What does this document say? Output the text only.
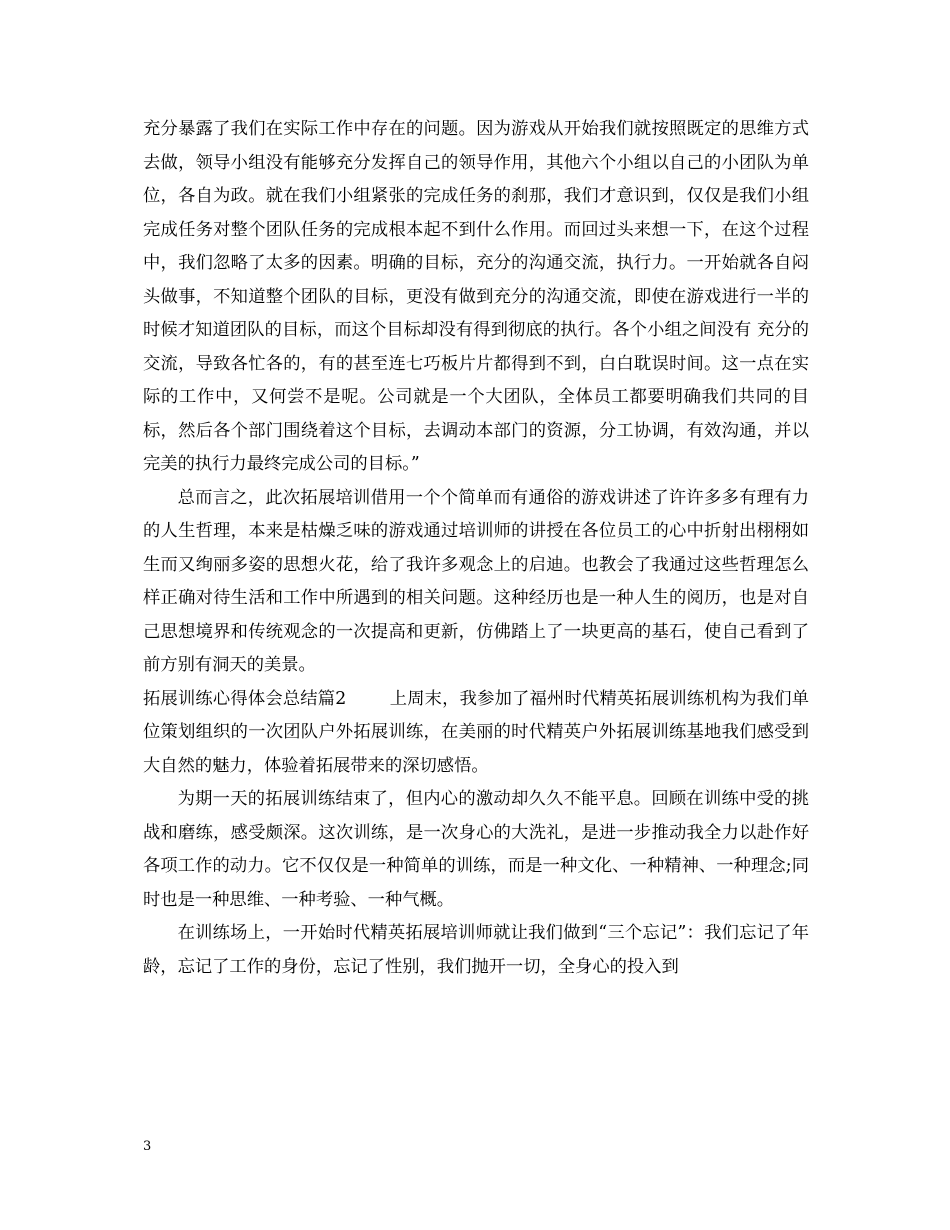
充分暴露了我们在实际工作中存在的问题。因为游戏从开始我们就按照既定的思维方式去做，领导小组没有能够充分发挥自己的领导作用，其他六个小组以自己的小团队为单位，各自为政。就在我们小组紧张的完成任务的刹那，我们才意识到，仅仅是我们小组完成任务对整个团队任务的完成根本起不到什么作用。而回过头来想一下，在这个过程中，我们忽略了太多的因素。明确的目标，充分的沟通交流，执行力。一开始就各自闷头做事，不知道整个团队的目标，更没有做到充分的沟通交流，即使在游戏进行一半的时候才知道团队的目标，而这个目标却没有得到彻底的执行。各个小组之间没有 充分的交流，导致各忙各的，有的甚至连七巧板片片都得到不到，白白耽误时间。这一点在实际的工作中，又何尝不是呢。公司就是一个大团队，全体员工都要明确我们共同的目标，然后各个部门围绕着这个目标，去调动本部门的资源，分工协调，有效沟通，并以完美的执行力最终完成公司的目标。”

总而言之，此次拓展培训借用一个个简单而有通俗的游戏讲述了许许多多有理有力的人生哲理，本来是枯燥乏味的游戏通过培训师的讲授在各位员工的心中折射出栩栩如生而又绚丽多姿的思想火花，给了我许多观念上的启迪。也教会了我通过这些哲理怎么样正确对待生活和工作中所遇到的相关问题。这种经历也是一种人生的阅历，也是对自己思想境界和传统观念的一次提高和更新，仿佛踏上了一块更高的基石，使自己看到了前方别有洞天的美景。

拓展训练心得体会总结篇2	上周末，我参加了福州时代精英拓展训练机构为我们单位策划组织的一次团队户外拓展训练，在美丽的时代精英户外拓展训练基地我们感受到大自然的魅力，体验着拓展带来的深切感悟。

为期一天的拓展训练结束了，但内心的激动却久久不能平息。回顾在训练中受的挑战和磨练，感受颇深。这次训练，是一次身心的大洗礼，是进一步推动我全力以赴作好各项工作的动力。它不仅仅是一种简单的训练，而是一种文化、一种精神、一种理念;同时也是一种思维、一种考验、一种气概。

在训练场上，一开始时代精英拓展培训师就让我们做到“三个忘记”：我们忘记了年龄，忘记了工作的身份，忘记了性别，我们抛开一切，全身心的投入到

3
